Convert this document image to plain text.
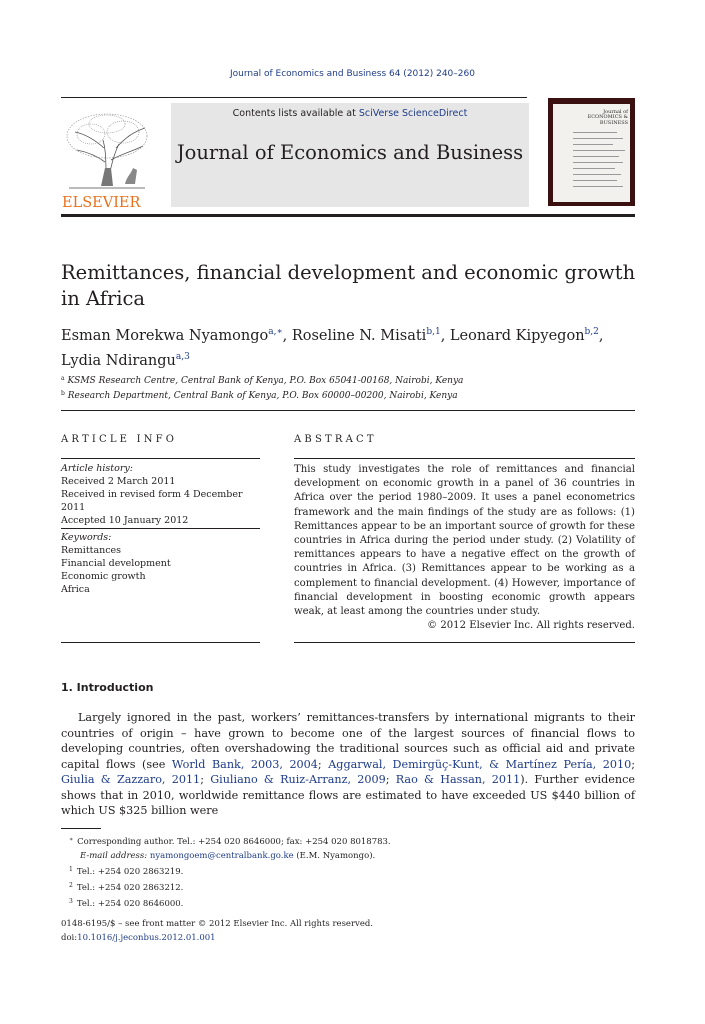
Journal of Economics and Business 64 (2012) 240–260
ELSEVIER
Contents lists available at SciVerse ScienceDirect
Journal of Economics and Business
Journal of ECONOMICS & BUSINESS
Remittances, financial development and economic growth
in Africa
Esman Morekwa Nyamongo$^{a,∗}$, Roseline N. Misati$^{b,1}$, Leonard Kipyegon$^{b,2}$,
Lydia Ndirangu$^{a,3}$
$^a$ KSMS Research Centre, Central Bank of Kenya, P.O. Box 65041-00168, Nairobi, Kenya
$^b$ Research Department, Central Bank of Kenya, P.O. Box 60000–00200, Nairobi, Kenya
ARTICLE INFO	ABSTRACT
Article history:
Received 2 March 2011
Received in revised form 4 December 2011
Accepted 10 January 2012
Keywords:
Remittances
Financial development
Economic growth
Africa
This study investigates the role of remittances and financial development on economic growth in a panel of 36 countries in Africa over the period 1980–2009. It uses a panel econometrics framework and the main findings of the study are as follows: (1) Remittances appear to be an important source of growth for these countries in Africa during the period under study. (2) Volatility of remittances appears to have a negative effect on the growth of countries in Africa. (3) Remittances appear to be working as a complement to financial development. (4) However, importance of financial development in boosting economic growth appears weak, at least among the countries under study.
© 2012 Elsevier Inc. All rights reserved.
1. Introduction

Largely ignored in the past, workers’ remittances-transfers by international migrants to their countries of origin – have grown to become one of the largest sources of financial flows to developing countries, often overshadowing the traditional sources such as official aid and private capital flows (see World Bank, 2003, 2004; Aggarwal, Demirgüç-Kunt, & Martínez Pería, 2010; Giulia & Zazzaro, 2011; Giuliano & Ruiz-Arranz, 2009; Rao & Hassan, 2011). Further evidence shows that in 2010, worldwide remittance flows are estimated to have exceeded US $440 billion of which US $325 billion were

∗ Corresponding author. Tel.: +254 020 8646000; fax: +254 020 8018783.
E-mail address: nyamongoem@centralbank.go.ke (E.M. Nyamongo).
$^1$ Tel.: +254 020 2863219.
$^2$ Tel.: +254 020 2863212.
$^3$ Tel.: +254 020 8646000.
0148-6195/$ – see front matter © 2012 Elsevier Inc. All rights reserved.
doi:10.1016/j.jeconbus.2012.01.001
